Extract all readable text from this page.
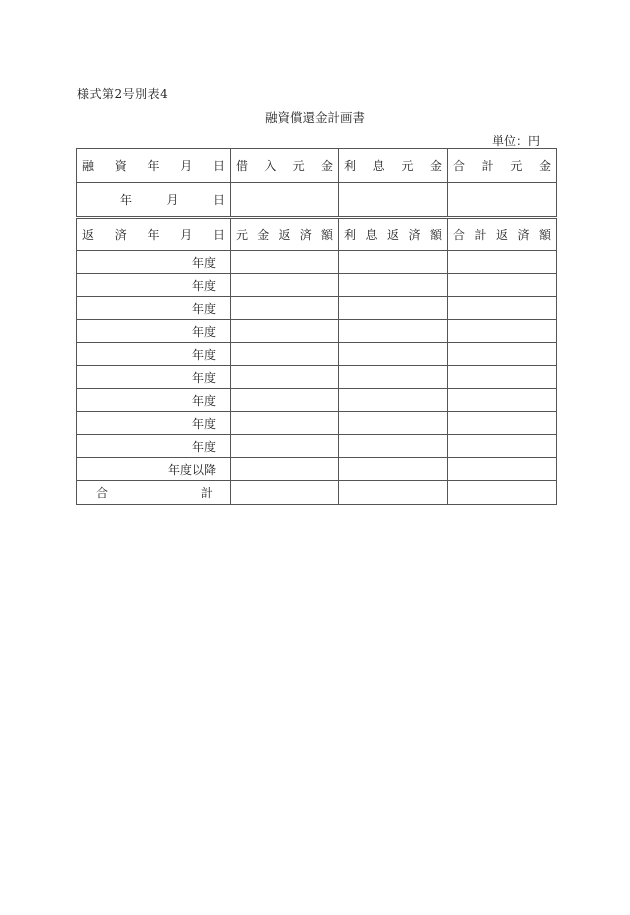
様式第2号別表4
融資償還金計画書
単位：円
融 資 年 月 日	借 入 元 金	利 息 元 金	合 計 元 金

年 月 日			

返 済 年 月 日	元 金 返 済 額	利 息 返 済 額	合 計 返 済 額

年度			
年度			
年度			
年度			
年度			
年度			
年度			
年度			
年度			
年度以降			

合 計			
